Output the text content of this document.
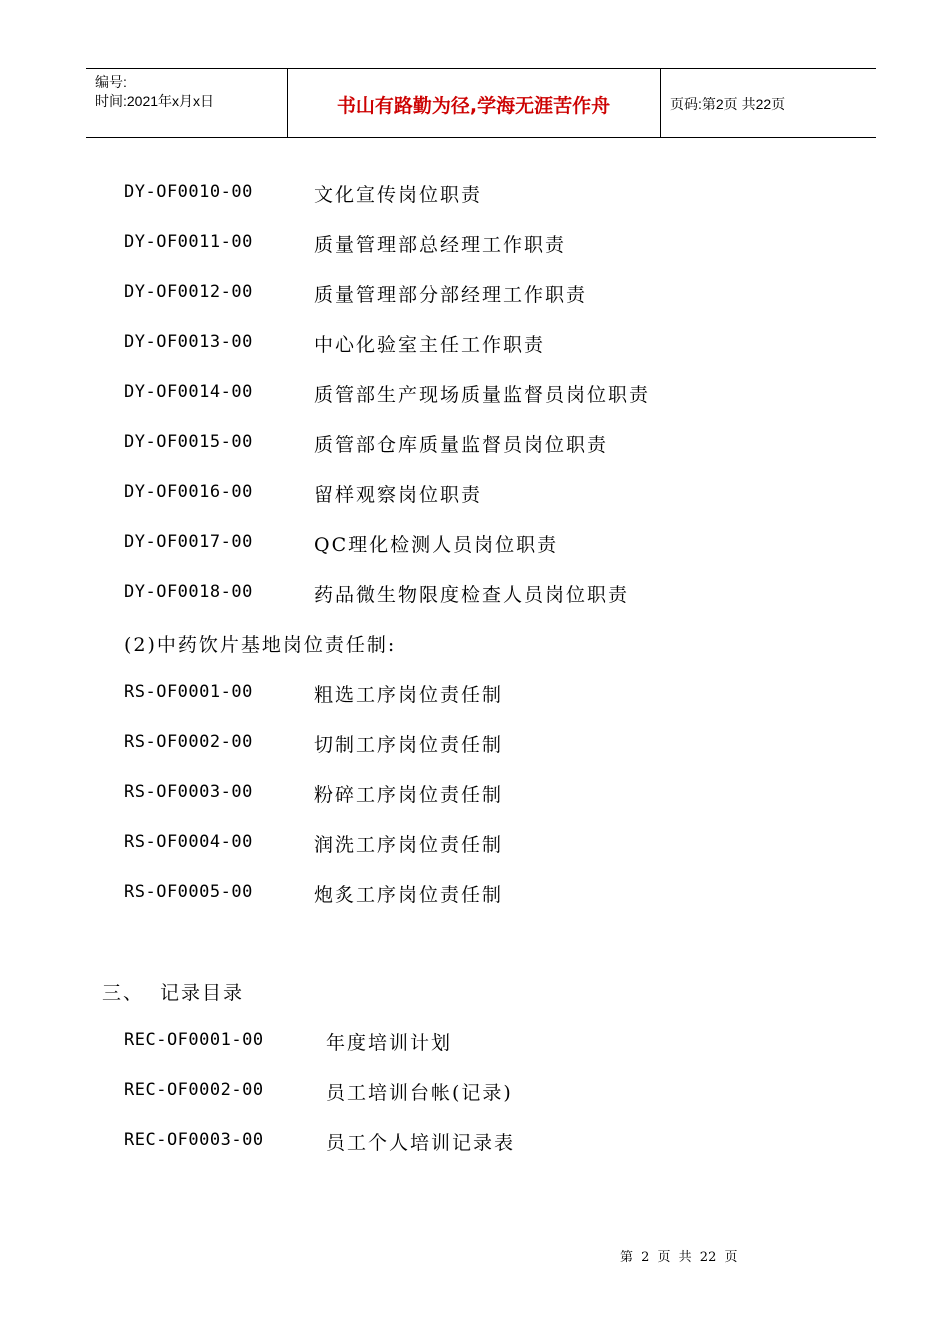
编号:
时间:2021年x月x日	书山有路勤为径,学海无涯苦作舟	页码:第2页 共22页
DY-OF0010-00	文化宣传岗位职责
DY-OF0011-00	质量管理部总经理工作职责
DY-OF0012-00	质量管理部分部经理工作职责
DY-OF0013-00	中心化验室主任工作职责
DY-OF0014-00	质管部生产现场质量监督员岗位职责
DY-OF0015-00	质管部仓库质量监督员岗位职责
DY-OF0016-00	留样观察岗位职责
DY-OF0017-00	QC理化检测人员岗位职责
DY-OF0018-00	药品微生物限度检查人员岗位职责
(2)中药饮片基地岗位责任制:
RS-OF0001-00	粗选工序岗位责任制
RS-OF0002-00	切制工序岗位责任制
RS-OF0003-00	粉碎工序岗位责任制
RS-OF0004-00	润洗工序岗位责任制
RS-OF0005-00	炮炙工序岗位责任制
三、 记录目录
REC-OF0001-00	年度培训计划
REC-OF0002-00	员工培训台帐(记录)
REC-OF0003-00	员工个人培训记录表
第 2 页 共 22 页
